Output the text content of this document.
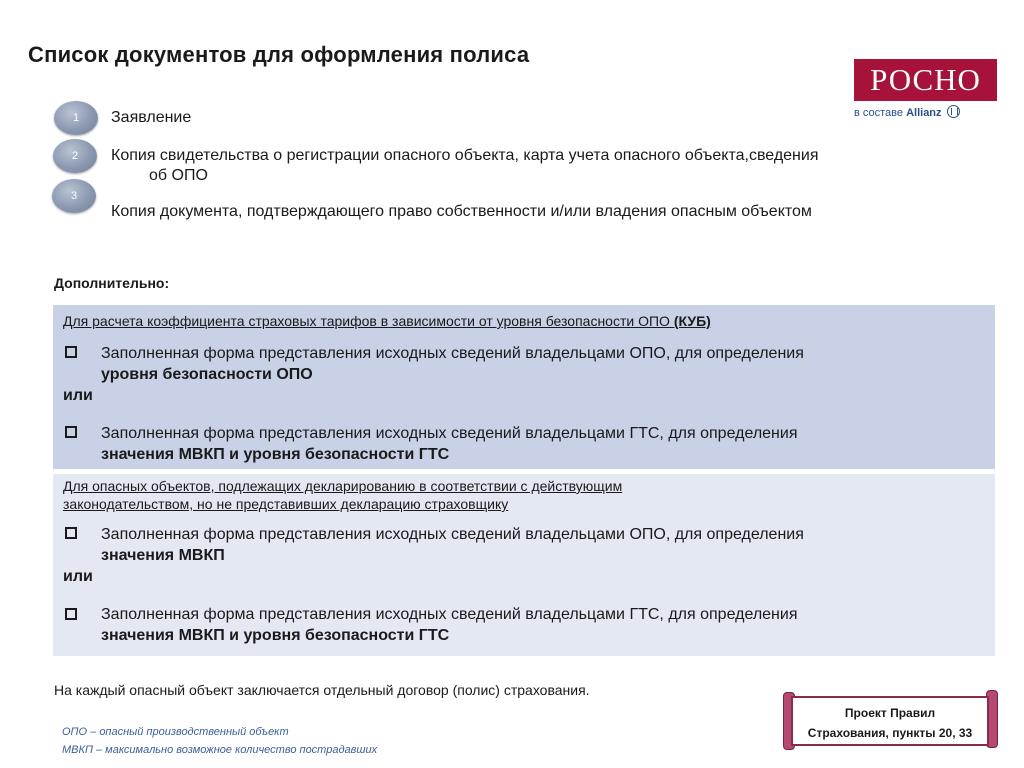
Список документов для оформления полиса
РОСНО
в составе Allianz
1
2
3
Заявление
Копия свидетельства о регистрации опасного объекта, карта учета опасного объекта,сведения
об ОПО
Копия документа, подтверждающего право собственности и/или владения опасным объектом
Дополнительно:
Для расчета коэффициента страховых тарифов в зависимости от уровня безопасности ОПО (КУБ)
Заполненная форма представления исходных сведений владельцами ОПО, для определения
уровня безопасности ОПО
или
Заполненная форма представления исходных сведений владельцами ГТС, для определения
значения МВКП и уровня безопасности ГТС
Для опасных объектов, подлежащих декларированию в соответствии с действующим
законодательством, но не представивших декларацию страховщику
Заполненная форма представления исходных сведений владельцами ОПО, для определения
значения МВКП
или
Заполненная форма представления исходных сведений владельцами ГТС, для определения
значения МВКП и уровня безопасности ГТС
На каждый опасный объект заключается отдельный договор (полис) страхования.
ОПО – опасный производственный объект
МВКП – максимально возможное количество пострадавших
Проект Правил
Страхования, пункты 20, 33
